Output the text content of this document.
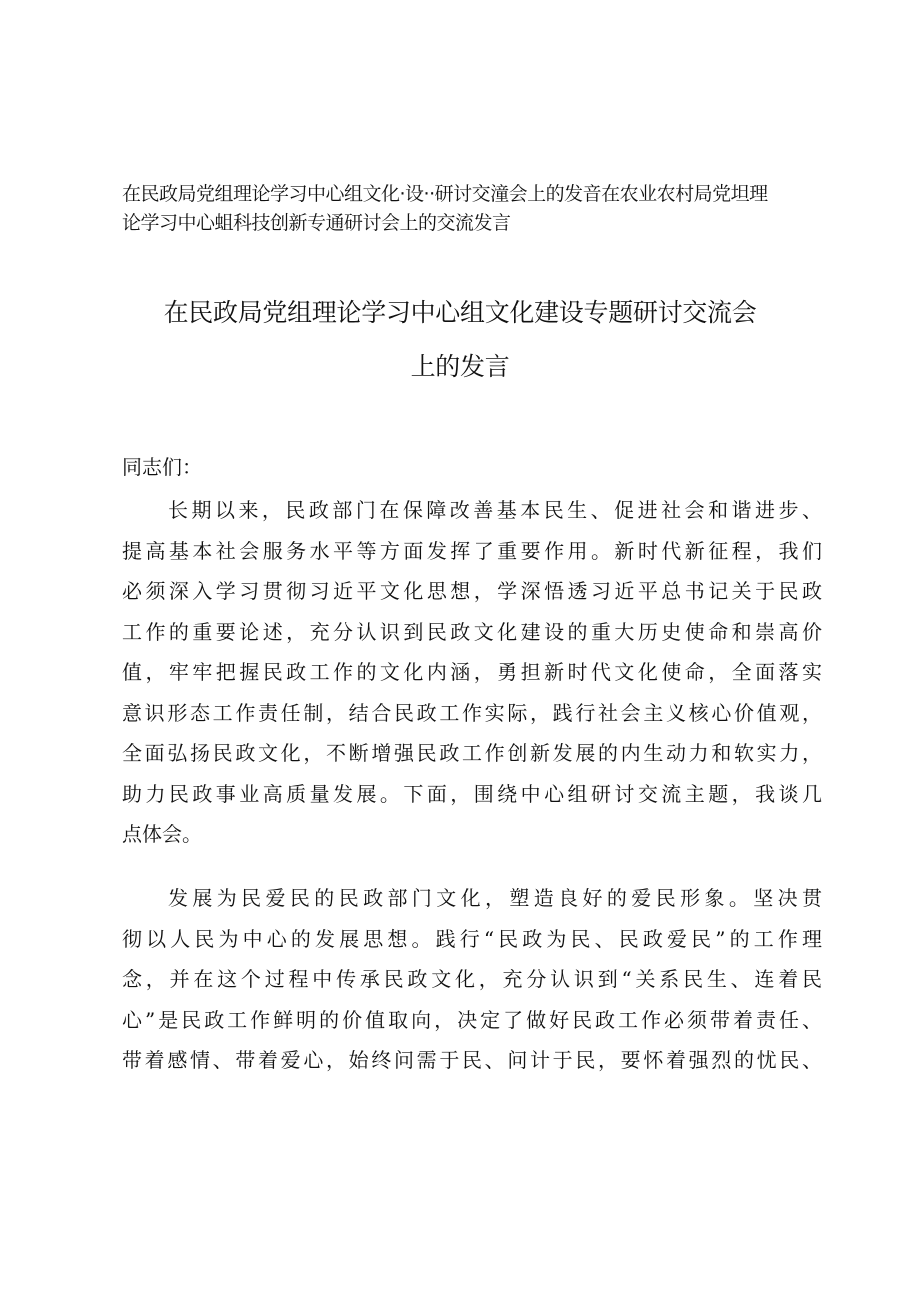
在民政局党组理论学习中心组文化·设··研讨交潼会上的发音在农业农村局党坦理
论学习中心蛆科技创新专通研讨会上的交流发言
在民政局党组理论学习中心组文化建设专题研讨交流会
上的发言
同志们：
长期以来，民政部门在保障改善基本民生、促进社会和谐进步、
提高基本社会服务水平等方面发挥了重要作用。新时代新征程，我们
必须深入学习贯彻习近平文化思想，学深悟透习近平总书记关于民政
工作的重要论述，充分认识到民政文化建设的重大历史使命和崇高价
值，牢牢把握民政工作的文化内涵，勇担新时代文化使命，全面落实
意识形态工作责任制，结合民政工作实际，践行社会主义核心价值观，
全面弘扬民政文化，不断增强民政工作创新发展的内生动力和软实力，
助力民政事业高质量发展。下面，围绕中心组研讨交流主题，我谈几
点体会。
发展为民爱民的民政部门文化，塑造良好的爱民形象。坚决贯
彻以人民为中心的发展思想。践行“民政为民、民政爱民”的工作理
念，并在这个过程中传承民政文化，充分认识到“关系民生、连着民
心”是民政工作鲜明的价值取向，决定了做好民政工作必须带着责任、
带着感情、带着爱心，始终问需于民、问计于民，要怀着强烈的忧民、
